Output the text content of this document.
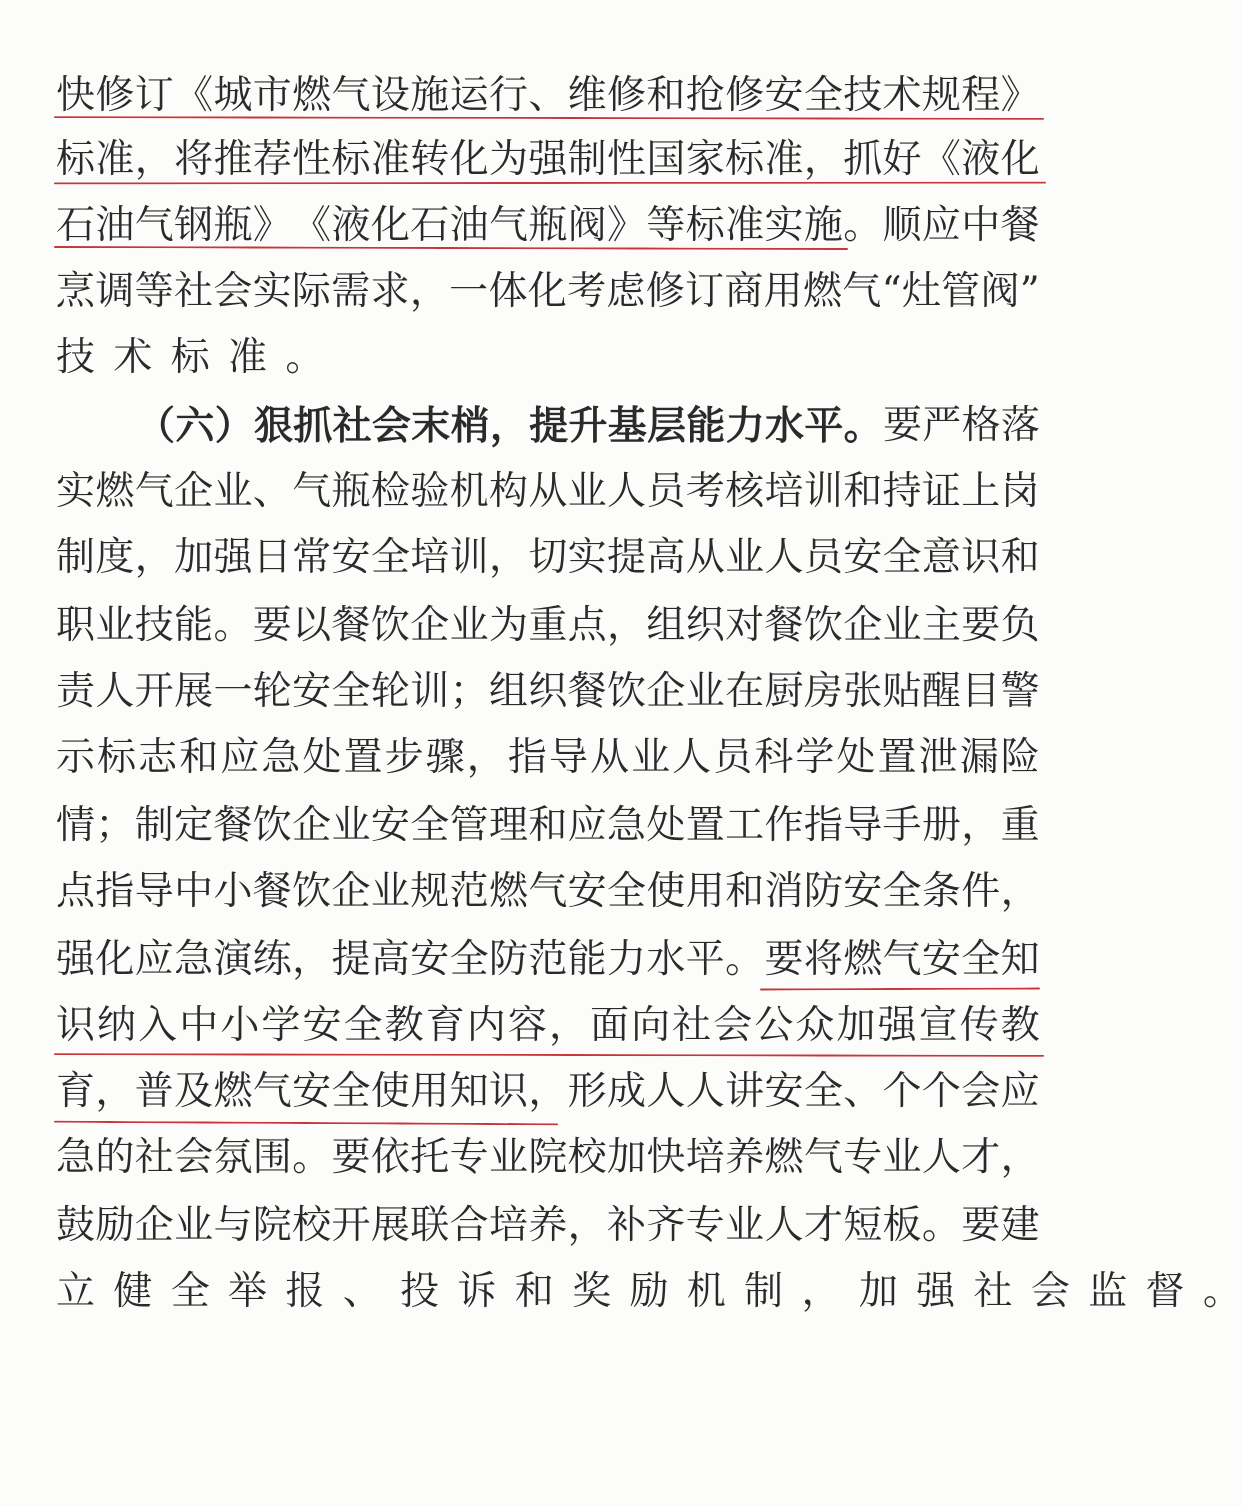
快 修 订 《 城 市 燃 气 设 施 运 行 、 维 修 和 抢 修 安 全 技 术 规 程 》
标 准 ， 将 推 荐 性 标 准 转 化 为 强 制 性 国 家 标 准 ， 抓 好 《 液 化
石 油 气 钢 瓶 》 《 液 化 石 油 气 瓶 阀 》 等 标 准 实 施 。 顺 应 中 餐
烹 调 等 社 会 实 际 需 求 ， 一 体 化 考 虑 修 订 商 用 燃 气 “ 灶 管 阀 ”
技 术 标 准 。
（ 六 ） 狠 抓 社 会 末 梢 ， 提 升 基 层 能 力 水 平 。 要 严 格 落
实 燃 气 企 业 、 气 瓶 检 验 机 构 从 业 人 员 考 核 培 训 和 持 证 上 岗
制 度 ， 加 强 日 常 安 全 培 训 ， 切 实 提 高 从 业 人 员 安 全 意 识 和
职 业 技 能 。 要 以 餐 饮 企 业 为 重 点 ， 组 织 对 餐 饮 企 业 主 要 负
责 人 开 展 一 轮 安 全 轮 训 ； 组 织 餐 饮 企 业 在 厨 房 张 贴 醒 目 警
示 标 志 和 应 急 处 置 步 骤 ， 指 导 从 业 人 员 科 学 处 置 泄 漏 险
情 ； 制 定 餐 饮 企 业 安 全 管 理 和 应 急 处 置 工 作 指 导 手 册 ， 重
点 指 导 中 小 餐 饮 企 业 规 范 燃 气 安 全 使 用 和 消 防 安 全 条 件 ，
强 化 应 急 演 练 ， 提 高 安 全 防 范 能 力 水 平 。 要 将 燃 气 安 全 知
识 纳 入 中 小 学 安 全 教 育 内 容 ， 面 向 社 会 公 众 加 强 宣 传 教
育 ， 普 及 燃 气 安 全 使 用 知 识 ， 形 成 人 人 讲 安 全 、 个 个 会 应
急 的 社 会 氛 围 。 要 依 托 专 业 院 校 加 快 培 养 燃 气 专 业 人 才 ，
鼓 励 企 业 与 院 校 开 展 联 合 培 养 ， 补 齐 专 业 人 才 短 板 。 要 建
立 健 全 举 报 、 投 诉 和 奖 励 机 制 ， 加 强 社 会 监 督 。
